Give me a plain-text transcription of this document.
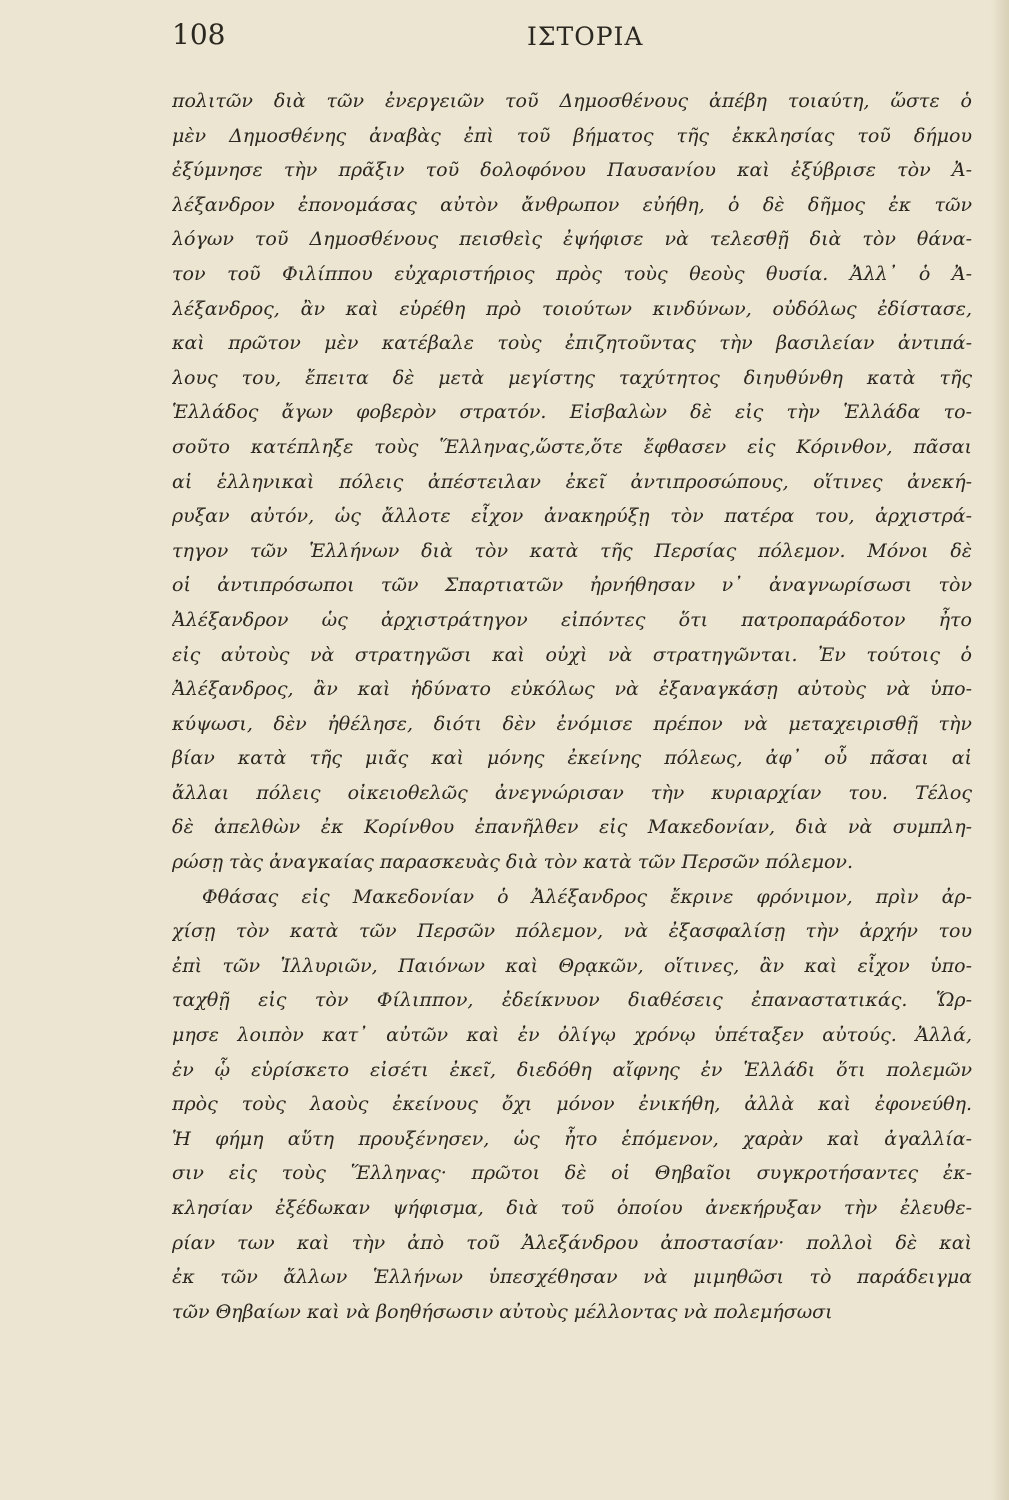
108	ΙΣΤΟΡΙΑ
πολιτῶν διὰ τῶν ἐνεργειῶν τοῦ Δημοσθένους ἀπέβη τοιαύτη, ὥστε ὁ
μὲν Δημοσθένης ἀναβὰς ἐπὶ τοῦ βήματος τῆς ἐκκλησίας τοῦ δήμου
ἐξύμνησε τὴν πρᾶξιν τοῦ δολοφόνου Παυσανίου καὶ ἐξύβρισε τὸν Ἀ-
λέξανδρον ἐπονομάσας αὐτὸν ἄνθρωπον εὐήθη, ὁ δὲ δῆμος ἐκ τῶν
λόγων τοῦ Δημοσθένους πεισθεὶς ἐψήφισε νὰ τελεσθῇ διὰ τὸν θάνα-
τον τοῦ Φιλίππου εὐχαριστήριος πρὸς τοὺς θεοὺς θυσία. Ἀλλ᾽ ὁ Ἀ-
λέξανδρος, ἂν καὶ εὑρέθη πρὸ τοιούτων κινδύνων, οὐδόλως ἐδίστασε,
καὶ πρῶτον μὲν κατέβαλε τοὺς ἐπιζητοῦντας τὴν βασιλείαν ἀντιπά-
λους του, ἔπειτα δὲ μετὰ μεγίστης ταχύτητος διηυθύνθη κατὰ τῆς
Ἑλλάδος ἄγων φοβερὸν στρατόν. Εἰσβαλὼν δὲ εἰς τὴν Ἑλλάδα το-
σοῦτο κατέπληξε τοὺς Ἕλληνας,ὥστε,ὅτε ἔφθασεν εἰς Κόρινθον, πᾶσαι
αἱ ἑλληνικαὶ πόλεις ἀπέστειλαν ἐκεῖ ἀντιπροσώπους, οἵτινες ἀνεκή-
ρυξαν αὐτόν, ὡς ἄλλοτε εἶχον ἀνακηρύξῃ τὸν πατέρα του, ἀρχιστρά-
τηγον τῶν Ἑλλήνων διὰ τὸν κατὰ τῆς Περσίας πόλεμον. Μόνοι δὲ
οἱ ἀντιπρόσωποι τῶν Σπαρτιατῶν ἠρνήθησαν ν᾽ ἀναγνωρίσωσι τὸν
Ἀλέξανδρον ὡς ἀρχιστράτηγον εἰπόντες ὅτι πατροπαράδοτον ἦτο
εἰς αὐτοὺς νὰ στρατηγῶσι καὶ οὐχὶ νὰ στρατηγῶνται. Ἐν τούτοις ὁ
Ἀλέξανδρος, ἂν καὶ ἠδύνατο εὐκόλως νὰ ἐξαναγκάσῃ αὐτοὺς νὰ ὑπο-
κύψωσι, δὲν ἠθέλησε, διότι δὲν ἐνόμισε πρέπον νὰ μεταχειρισθῇ τὴν
βίαν κατὰ τῆς μιᾶς καὶ μόνης ἐκείνης πόλεως, ἀφ᾽ οὗ πᾶσαι αἱ
ἄλλαι πόλεις οἰκειοθελῶς ἀνεγνώρισαν τὴν κυριαρχίαν του. Τέλος
δὲ ἀπελθὼν ἐκ Κορίνθου ἐπανῆλθεν εἰς Μακεδονίαν, διὰ νὰ συμπλη-
ρώσῃ τὰς ἀναγκαίας παρασκευὰς διὰ τὸν κατὰ τῶν Περσῶν πόλεμον.
Φθάσας εἰς Μακεδονίαν ὁ Ἀλέξανδρος ἔκρινε φρόνιμον, πρὶν ἀρ-
χίσῃ τὸν κατὰ τῶν Περσῶν πόλεμον, νὰ ἐξασφαλίσῃ τὴν ἀρχήν του
ἐπὶ τῶν Ἰλλυριῶν, Παιόνων καὶ Θρᾳκῶν, οἵτινες, ἂν καὶ εἶχον ὑπο-
ταχθῇ εἰς τὸν Φίλιππον, ἐδείκνυον διαθέσεις ἐπαναστατικάς. Ὥρ-
μησε λοιπὸν κατ᾽ αὐτῶν καὶ ἐν ὀλίγῳ χρόνῳ ὑπέταξεν αὐτούς. Ἀλλά,
ἐν ᾧ εὑρίσκετο εἰσέτι ἐκεῖ, διεδόθη αἴφνης ἐν Ἑλλάδι ὅτι πολεμῶν
πρὸς τοὺς λαοὺς ἐκείνους ὄχι μόνον ἐνικήθη, ἀλλὰ καὶ ἐφονεύθη.
Ἡ φήμη αὕτη προυξένησεν, ὡς ἦτο ἑπόμενον, χαρὰν καὶ ἀγαλλία-
σιν εἰς τοὺς Ἕλληνας· πρῶτοι δὲ οἱ Θηβαῖοι συγκροτήσαντες ἐκ-
κλησίαν ἐξέδωκαν ψήφισμα, διὰ τοῦ ὁποίου ἀνεκήρυξαν τὴν ἐλευθε-
ρίαν των καὶ τὴν ἀπὸ τοῦ Ἀλεξάνδρου ἀποστασίαν· πολλοὶ δὲ καὶ
ἐκ τῶν ἄλλων Ἑλλήνων ὑπεσχέθησαν νὰ μιμηθῶσι τὸ παράδειγμα
τῶν Θηβαίων καὶ νὰ βοηθήσωσιν αὐτοὺς μέλλοντας νὰ πολεμήσωσι
